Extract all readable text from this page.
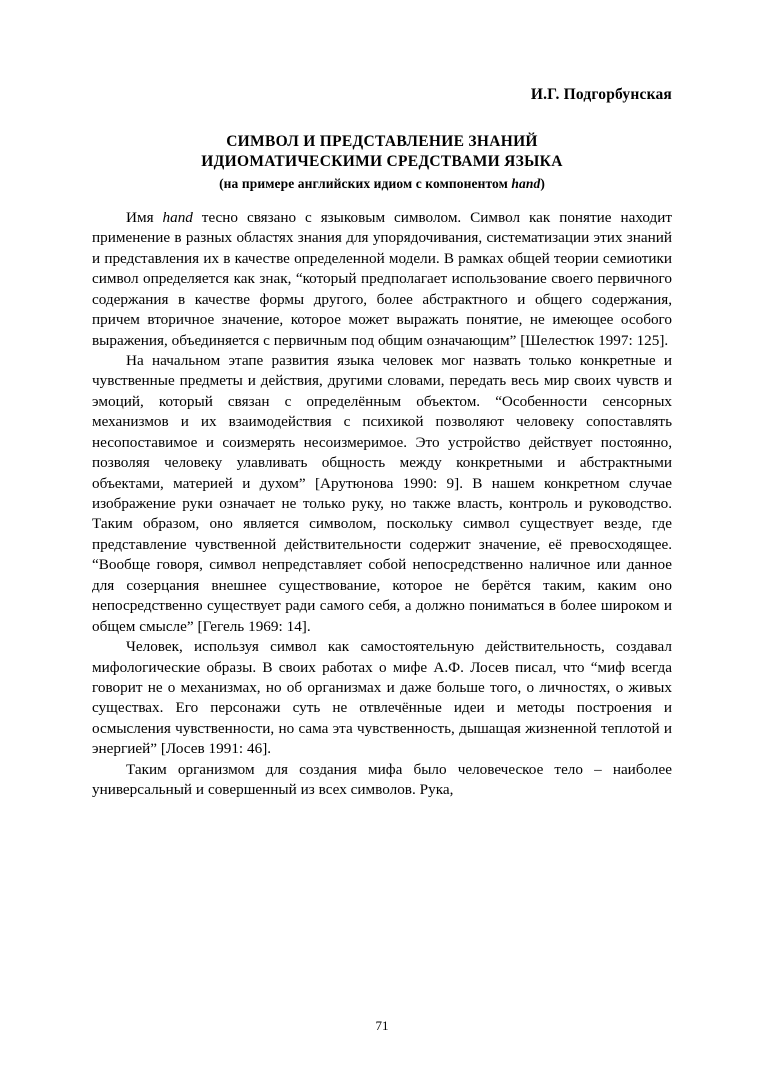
И.Г. Подгорбунская
СИМВОЛ И ПРЕДСТАВЛЕНИЕ ЗНАНИЙ
ИДИОМАТИЧЕСКИМИ СРЕДСТВАМИ ЯЗЫКА
(на примере английских идиом с компонентом hand)

Имя hand тесно связано с языковым символом. Символ как понятие находит применение в разных областях знания для упорядочивания, систематизации этих знаний и представления их в качестве определенной модели. В рамках общей теории семиотики символ определяется как знак, “который предполагает использование своего первичного содержания в качестве формы другого, более абстрактного и общего содержания, причем вторичное значение, которое может выражать понятие, не имеющее особого выражения, объединяется с первичным под общим означающим” [Шелестюк 1997: 125].

На начальном этапе развития языка человек мог назвать только конкретные и чувственные предметы и действия, другими словами, передать весь мир своих чувств и эмоций, который связан с определённым объектом. “Особенности сенсорных механизмов и их взаимодействия с психикой позволяют человеку сопоставлять несопоставимое и соизмерять несоизмеримое. Это устройство действует постоянно, позволяя человеку улавливать общность между конкретными и абстрактными объектами, материей и духом” [Арутюнова 1990: 9]. В нашем конкретном случае изображение руки означает не только руку, но также власть, контроль и руководство. Таким образом, оно является символом, поскольку символ существует везде, где представление чувственной действительности содержит значение, её превосходящее. “Вообще говоря, символ непредставляет собой непосредственно наличное или данное для созерцания внешнее существование, которое не берётся таким, каким оно непосредственно существует ради самого себя, а должно пониматься в более широком и общем смысле” [Гегель 1969: 14].

Человек, используя символ как самостоятельную действительность, создавал мифологические образы. В своих работах о мифе А.Ф. Лосев писал, что “миф всегда говорит не о механизмах, но об организмах и даже больше того, о личностях, о живых существах. Его персонажи суть не отвлечённые идеи и методы построения и осмысления чувственности, но сама эта чувственность, дышащая жизненной теплотой и энергией” [Лосев 1991: 46].

Таким организмом для создания мифа было человеческое тело – наиболее универсальный и совершенный из всех символов. Рука,

71
